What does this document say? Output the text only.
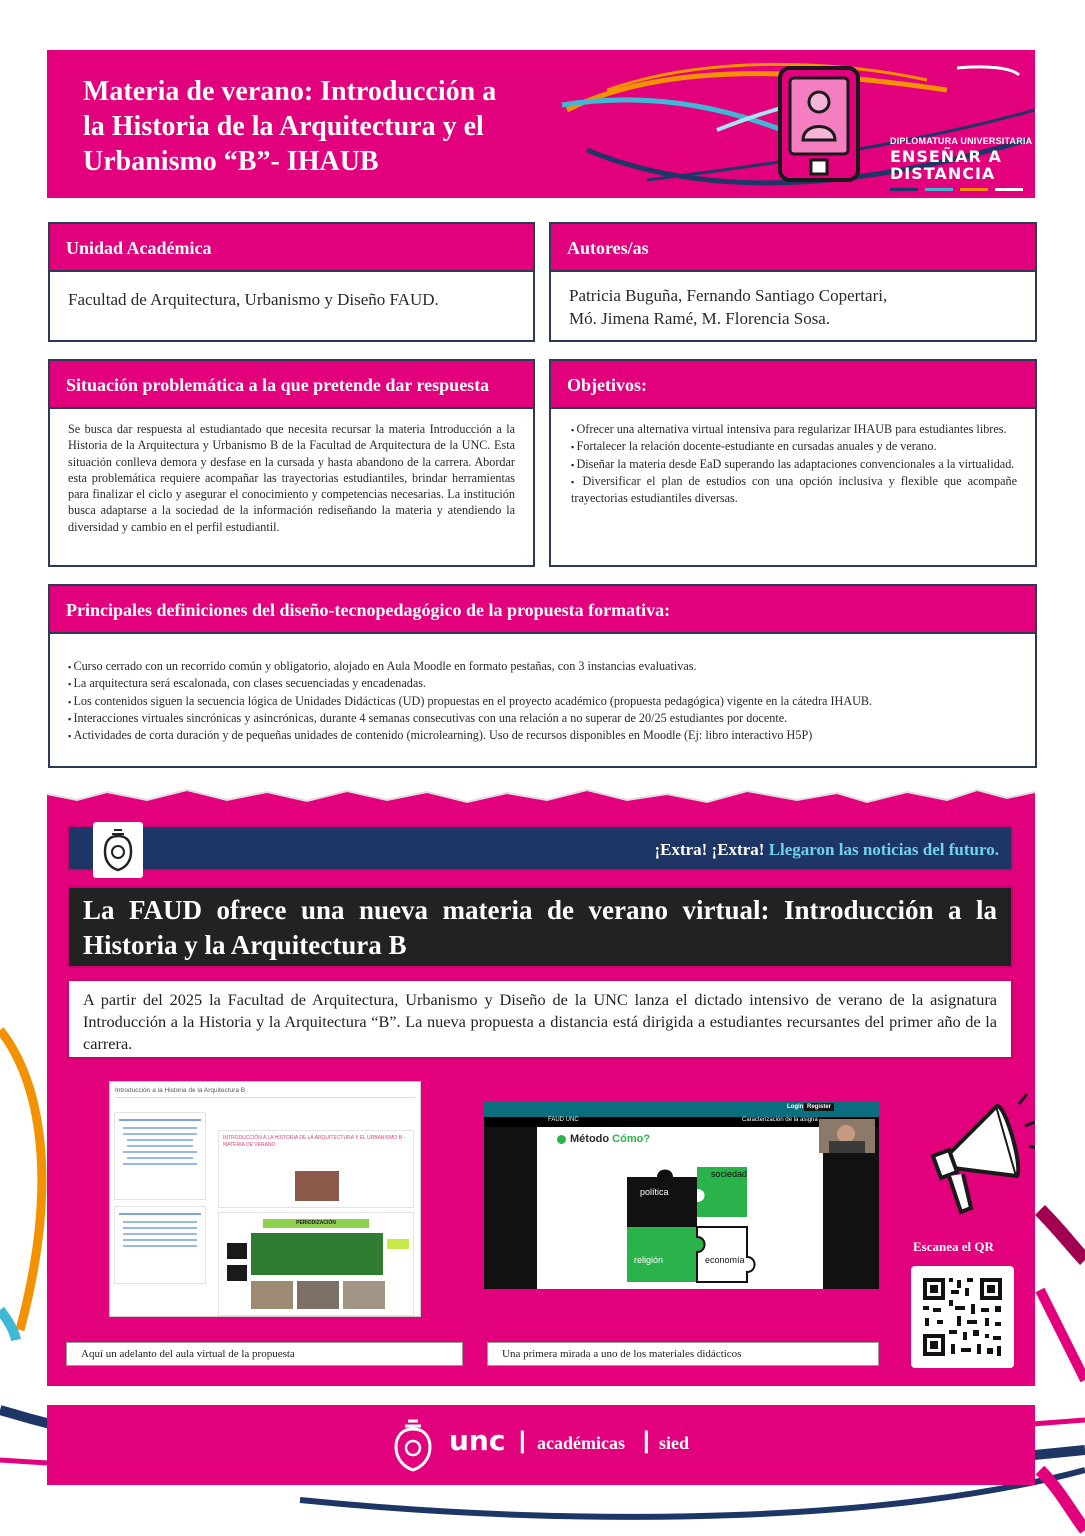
Materia de verano: Introducción a la Historia de la Arquitectura y el Urbanismo “B”- IHAUB
DIPLOMATURA UNIVERSITARIA
ENSEÑAR A DISTANCIA
Unidad Académica
Facultad de Arquitectura, Urbanismo y Diseño FAUD.
Autores/as
Patricia Buguña, Fernando Santiago Copertari,
Mó. Jimena Ramé, M. Florencia Sosa.
Situación problemática a la que pretende dar respuesta
Se busca dar respuesta al estudiantado que necesita recursar la materia Introducción a la Historia de la Arquitectura y Urbanismo B de la Facultad de Arquitectura de la UNC. Esta situación conlleva demora y desfase en la cursada y hasta abandono de la carrera. Abordar esta problemática requiere acompañar las trayectorias estudiantiles, brindar herramientas para finalizar el ciclo y asegurar el conocimiento y competencias necesarias. La institución busca adaptarse a la sociedad de la información rediseñando la materia y atendiendo la diversidad y cambio en el perfil estudiantil.
Objetivos:
▪ Ofrecer una alternativa virtual intensiva para regularizar IHAUB para estudiantes libres.
▪ Fortalecer la relación docente-estudiante en cursadas anuales y de verano.
▪ Diseñar la materia desde EaD superando las adaptaciones convencionales a la virtualidad.
▪ Diversificar el plan de estudios con una opción inclusiva y flexible que acompañe trayectorias estudiantiles diversas.
Principales definiciones del diseño-tecnopedagógico de la propuesta formativa:
▪ Curso cerrado con un recorrido común y obligatorio, alojado en Aula Moodle en formato pestañas, con 3 instancias evaluativas.
▪ La arquitectura será escalonada, con clases secuenciadas y encadenadas.
▪ Los contenidos siguen la secuencia lógica de Unidades Didácticas (UD) propuestas en el proyecto académico (propuesta pedagógica) vigente en la cátedra IHAUB.
▪ Interacciones virtuales sincrónicas y asincrónicas, durante 4 semanas consecutivas con una relación a no superar de 20/25 estudiantes por docente.
▪ Actividades de corta duración y de pequeñas unidades de contenido (microlearning). Uso de recursos disponibles en Moodle (Ej: libro interactivo H5P)
¡Extra! ¡Extra! Llegaron las noticias del futuro.
La FAUD ofrece una nueva materia de verano virtual: Introducción a la Historia y la Arquitectura B
A partir del 2025 la Facultad de Arquitectura, Urbanismo y Diseño de la UNC lanza el dictado intensivo de verano de la asignatura Introducción a la Historia y la Arquitectura “B”. La nueva propuesta a distancia está dirigida a estudiantes recursantes del primer año de la carrera.
Introducción a la Historia de la Arquitectura B
INTRODUCCIÓN A LA HISTORIA DE LA ARQUITECTURA Y EL URBANISMO B - MATERIA DE VERANO
PERIODIZACIÓN
Login Register
FAUD UNC	Caracterización de la asigna
Método Cómo?
política
sociedad
religión	economía
Escanea el QR
Aquí un adelanto del aula virtual de la propuesta	Una primera mirada a uno de los materiales didácticos
unc | académicas | sied
